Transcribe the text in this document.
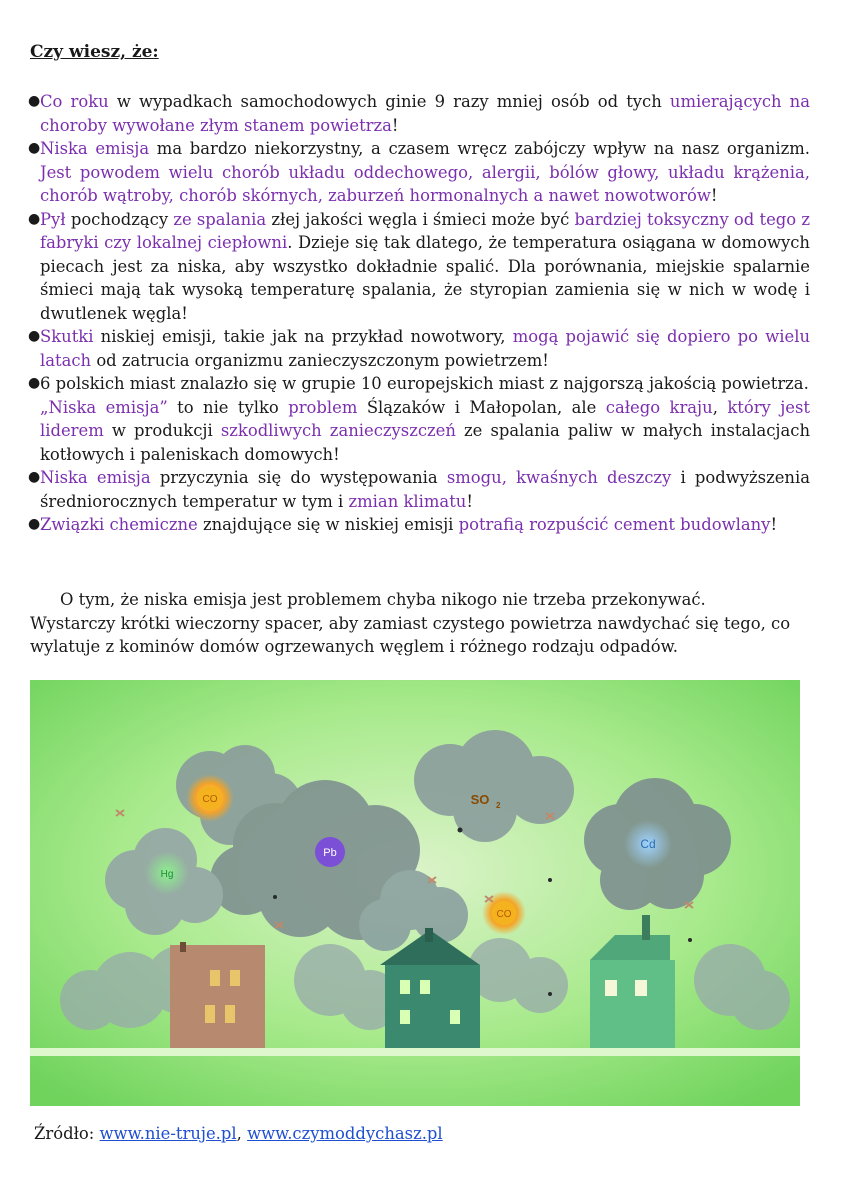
Czy wiesz, że:
● Co roku w wypadkach samochodowych ginie 9 razy mniej osób od tych umierających na choroby wywołane złym stanem powietrza!
● Niska emisja ma bardzo niekorzystny, a czasem wręcz zabójczy wpływ na nasz organizm. Jest powodem wielu chorób układu oddechowego, alergii, bólów głowy, układu krążenia, chorób wątroby, chorób skórnych, zaburzeń hormonalnych a nawet nowotworów!
● Pył pochodzący ze spalania złej jakości węgla i śmieci może być bardziej toksyczny od tego z fabryki czy lokalnej ciepłowni. Dzieje się tak dlatego, że temperatura osiągana w domowych piecach jest za niska, aby wszystko dokładnie spalić. Dla porównania, miejskie spalarnie śmieci mają tak wysoką temperaturę spalania, że styropian zamienia się w nich w wodę i dwutlenek węgla!
● Skutki niskiej emisji, takie jak na przykład nowotwory, mogą pojawić się dopiero po wielu latach od zatrucia organizmu zanieczyszczonym powietrzem!
● 6 polskich miast znalazło się w grupie 10 europejskich miast z najgorszą jakością powietrza.
„Niska emisja” to nie tylko problem Ślązaków i Małopolan, ale całego kraju, który jest liderem w produkcji szkodliwych zanieczyszczeń ze spalania paliw w małych instalacjach kotłowych i paleniskach domowych!
● Niska emisja przyczynia się do występowania smogu, kwaśnych deszczy i podwyższenia średniorocznych temperatur w tym i zmian klimatu!
● Związki chemiczne znajdujące się w niskiej emisji potrafią rozpuścić cement budowlany!
O tym, że niska emisja jest problemem chyba nikogo nie trzeba przekonywać.
Wystarczy krótki wieczorny spacer, aby zamiast czystego powietrza nawdychać się tego, co wylatuje z kominów domów ogrzewanych węglem i różnego rodzaju odpadów.
CO	SO 2
Pb
Cd
Hg
CO
Źródło: www.nie-truje.pl, www.czymoddychasz.pl
